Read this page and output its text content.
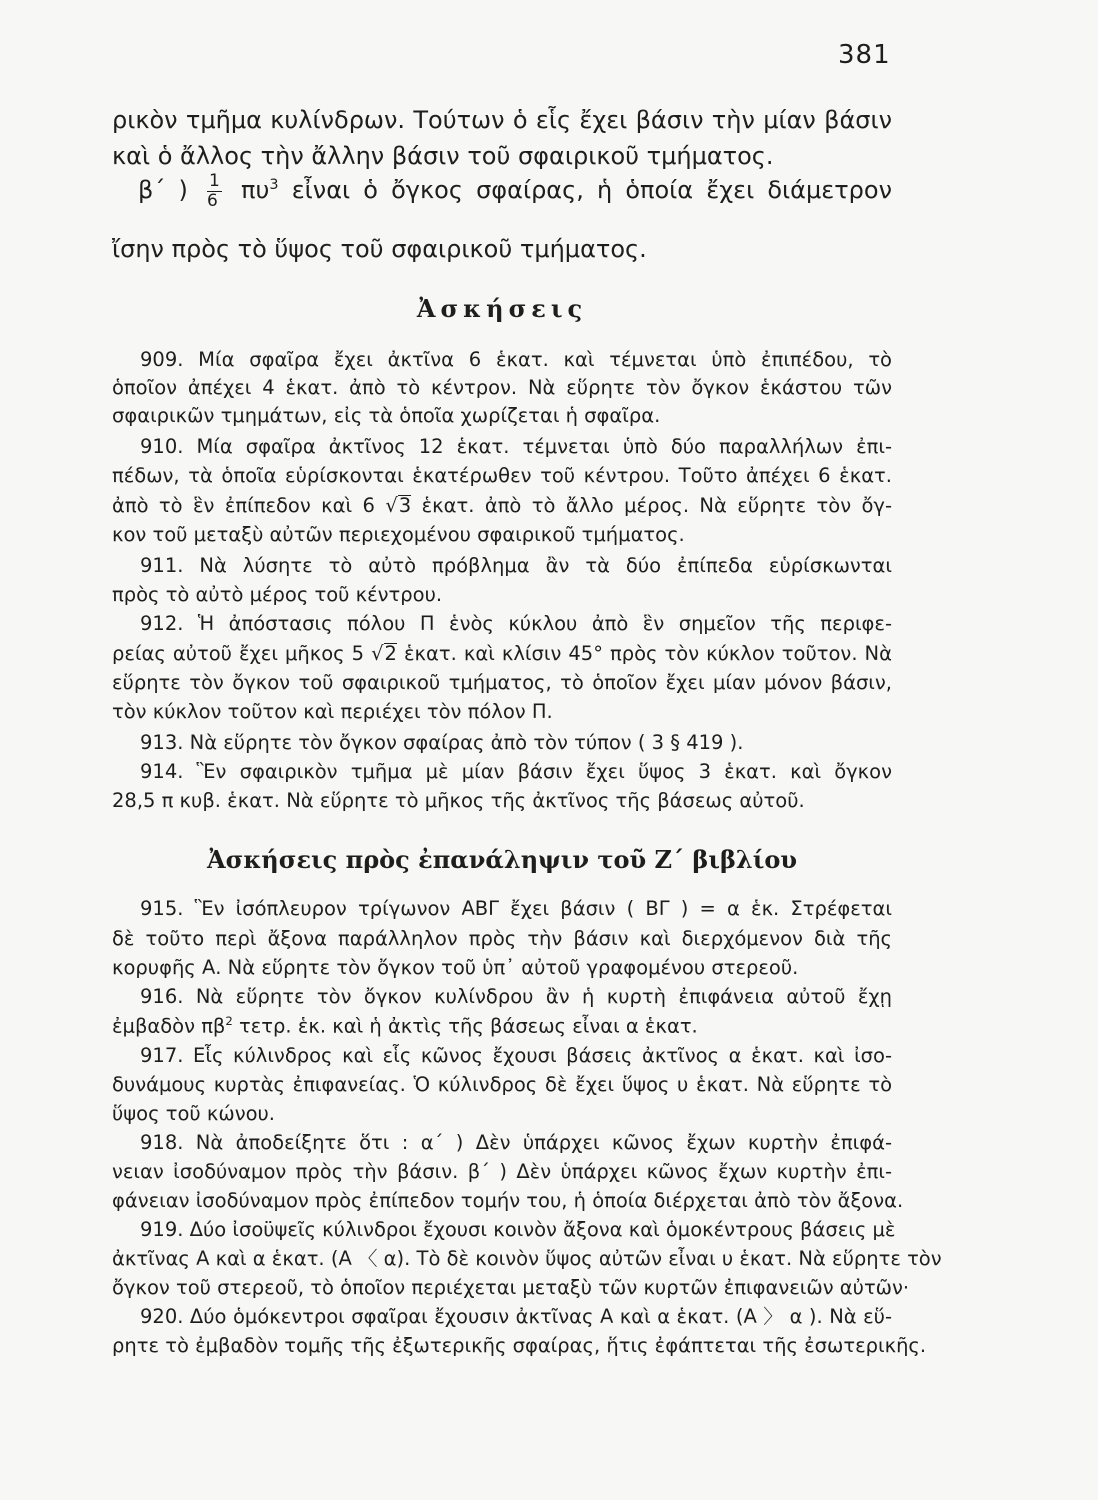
381
ρικὸν τμῆμα κυλίνδρων. Τούτων ὁ εἷς ἔχει βάσιν τὴν μίαν βάσιν
καὶ ὁ ἄλλος τὴν ἄλλην βάσιν τοῦ σφαιρικοῦ τμήματος.
β΄ ) $\frac{1}{6} \pi\upsilon^3$ εἶναι ὁ ὄγκος σφαίρας, ἡ ὁποία ἔχει διάμετρον
ἴσην πρὸς τὸ ὕψος τοῦ σφαιρικοῦ τμήματος.
Ἀσκήσεις
909. Μία σφαῖρα ἔχει ἀκτῖνα 6 ἑκατ. καὶ τέμνεται ὑπὸ ἐπιπέδου, τὸ
ὁποῖον ἀπέχει 4 ἑκατ. ἀπὸ τὸ κέντρον. Νὰ εὕρητε τὸν ὄγκον ἑκάστου τῶν
σφαιρικῶν τμημάτων, εἰς τὰ ὁποῖα χωρίζεται ἡ σφαῖρα.
910. Μία σφαῖρα ἀκτῖνος 12 ἑκατ. τέμνεται ὑπὸ δύο παραλλήλων ἐπι-
πέδων, τὰ ὁποῖα εὑρίσκονται ἑκατέρωθεν τοῦ κέντρου. Τοῦτο ἀπέχει 6 ἑκατ.
ἀπὸ τὸ ἓν ἐπίπεδον καὶ 6 √3 ἑκατ. ἀπὸ τὸ ἄλλο μέρος. Νὰ εὕρητε τὸν ὄγ-
κον τοῦ μεταξὺ αὐτῶν περιεχομένου σφαιρικοῦ τμήματος.
911. Νὰ λύσητε τὸ αὐτὸ πρόβλημα ἂν τὰ δύο ἐπίπεδα εὑρίσκωνται
πρὸς τὸ αὐτὸ μέρος τοῦ κέντρου.
912. Ἡ ἀπόστασις πόλου Π ἑνὸς κύκλου ἀπὸ ἓν σημεῖον τῆς περιφε-
ρείας αὐτοῦ ἔχει μῆκος 5 √2 ἑκατ. καὶ κλίσιν 45° πρὸς τὸν κύκλον τοῦτον. Νὰ
εὕρητε τὸν ὄγκον τοῦ σφαιρικοῦ τμήματος, τὸ ὁποῖον ἔχει μίαν μόνον βάσιν,
τὸν κύκλον τοῦτον καὶ περιέχει τὸν πόλον Π.
913. Νὰ εὕρητε τὸν ὄγκον σφαίρας ἀπὸ τὸν τύπον ( 3 § 419 ).
914. Ἓν σφαιρικὸν τμῆμα μὲ μίαν βάσιν ἔχει ὕψος 3 ἑκατ. καὶ ὄγκον
28,5 π κυβ. ἑκατ. Νὰ εὕρητε τὸ μῆκος τῆς ἀκτῖνος τῆς βάσεως αὐτοῦ.
Ἀσκήσεις πρὸς ἐπανάληψιν τοῦ Ζ΄ βιβλίου
915. Ἓν ἰσόπλευρον τρίγωνον ΑΒΓ ἔχει βάσιν ( ΒΓ ) = α ἑκ. Στρέφεται
δὲ τοῦτο περὶ ἄξονα παράλληλον πρὸς τὴν βάσιν καὶ διερχόμενον διὰ τῆς
κορυφῆς Α. Νὰ εὕρητε τὸν ὄγκον τοῦ ὑπ᾽ αὐτοῦ γραφομένου στερεοῦ.
916. Νὰ εὕρητε τὸν ὄγκον κυλίνδρου ἂν ἡ κυρτὴ ἐπιφάνεια αὐτοῦ ἔχῃ
ἐμβαδὸν $\pi\beta^2$ τετρ. ἑκ. καὶ ἡ ἀκτὶς τῆς βάσεως εἶναι α ἑκατ.
917. Εἷς κύλινδρος καὶ εἷς κῶνος ἔχουσι βάσεις ἀκτῖνος α ἑκατ. καὶ ἰσο-
δυνάμους κυρτὰς ἐπιφανείας. Ὁ κύλινδρος δὲ ἔχει ὕψος υ ἑκατ. Νὰ εὕρητε τὸ
ὕψος τοῦ κώνου.
918. Νὰ ἀποδείξητε ὅτι : α΄ ) Δὲν ὑπάρχει κῶνος ἔχων κυρτὴν ἐπιφά-
νειαν ἰσοδύναμον πρὸς τὴν βάσιν. β΄ ) Δὲν ὑπάρχει κῶνος ἔχων κυρτὴν ἐπι-
φάνειαν ἰσοδύναμον πρὸς ἐπίπεδον τομήν του, ἡ ὁποία διέρχεται ἀπὸ τὸν ἄξονα.
919. Δύο ἰσοϋψεῖς κύλινδροι ἔχουσι κοινὸν ἄξονα καὶ ὁμοκέντρους βάσεις μὲ
ἀκτῖνας Α καὶ α ἑκατ. (Α 〈 α). Τὸ δὲ κοινὸν ὕψος αὐτῶν εἶναι υ ἑκατ. Νὰ εὕρητε τὸν
ὄγκον τοῦ στερεοῦ, τὸ ὁποῖον περιέχεται μεταξὺ τῶν κυρτῶν ἐπιφανειῶν αὐτῶν·
920. Δύο ὁμόκεντροι σφαῖραι ἔχουσιν ἀκτῖνας Α καὶ α ἑκατ. (Α 〉 α ). Νὰ εὕ-
ρητε τὸ ἐμβαδὸν τομῆς τῆς ἐξωτερικῆς σφαίρας, ἥτις ἐφάπτεται τῆς ἐσωτερικῆς.
